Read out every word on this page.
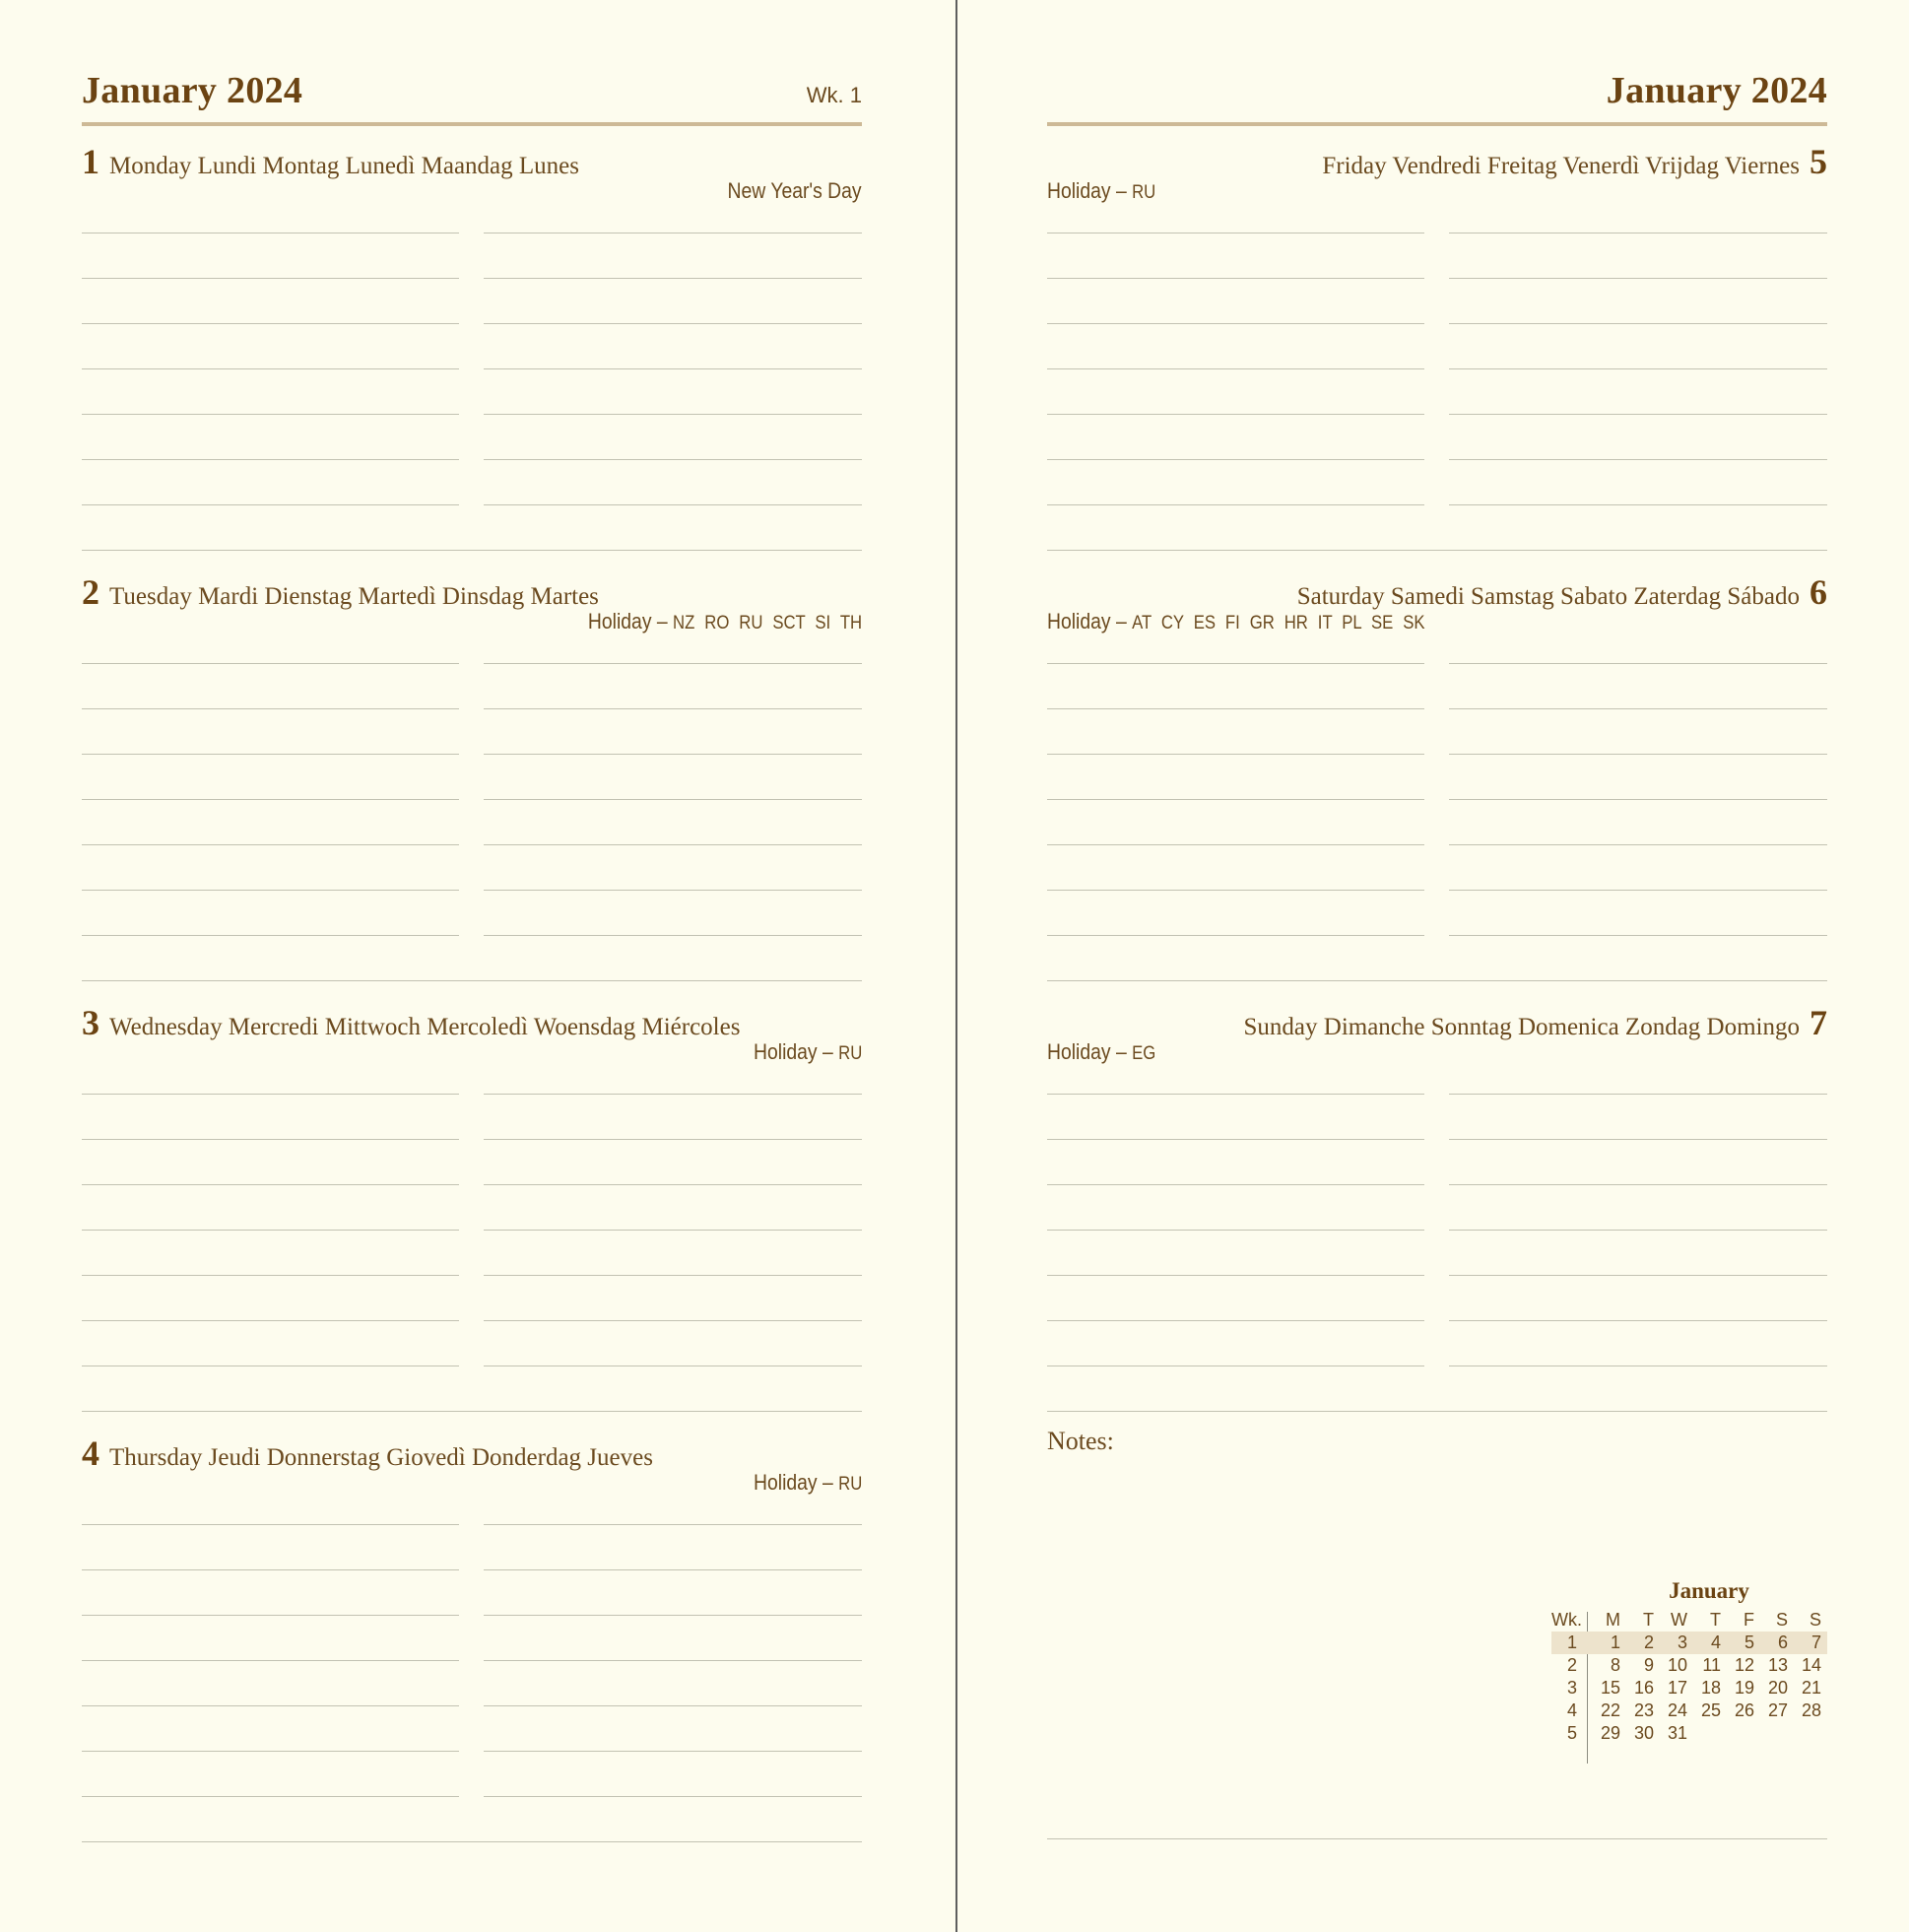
January 2024	Wk. 1
1 Monday Lundi Montag Lunedì Maandag Lunes
New Year's Day
2 Tuesday Mardi Dienstag Martedì Dinsdag Martes
Holiday – NZ RO RU SCT SI TH
3 Wednesday Mercredi Mittwoch Mercoledì Woensdag Miércoles
Holiday – RU
4 Thursday Jeudi Donnerstag Giovedì Donderdag Jueves
Holiday – RU
January 2024
Friday Vendredi Freitag Venerdì Vrijdag Viernes 5
Holiday – RU
Saturday Samedi Samstag Sabato Zaterdag Sábado 6
Holiday – AT CY ES FI GR HR IT PL SE SK
Sunday Dimanche Sonntag Domenica Zondag Domingo 7
Holiday – EG
Notes:
January
Wk.	M	T W	T	F	S	S
1	1	2	3	4	5	6	7
2	8	9 10 11 12 13 14
3 15 16 17 18 19 20 21
4 22 23 24 25 26 27 28
5 29 30 31
